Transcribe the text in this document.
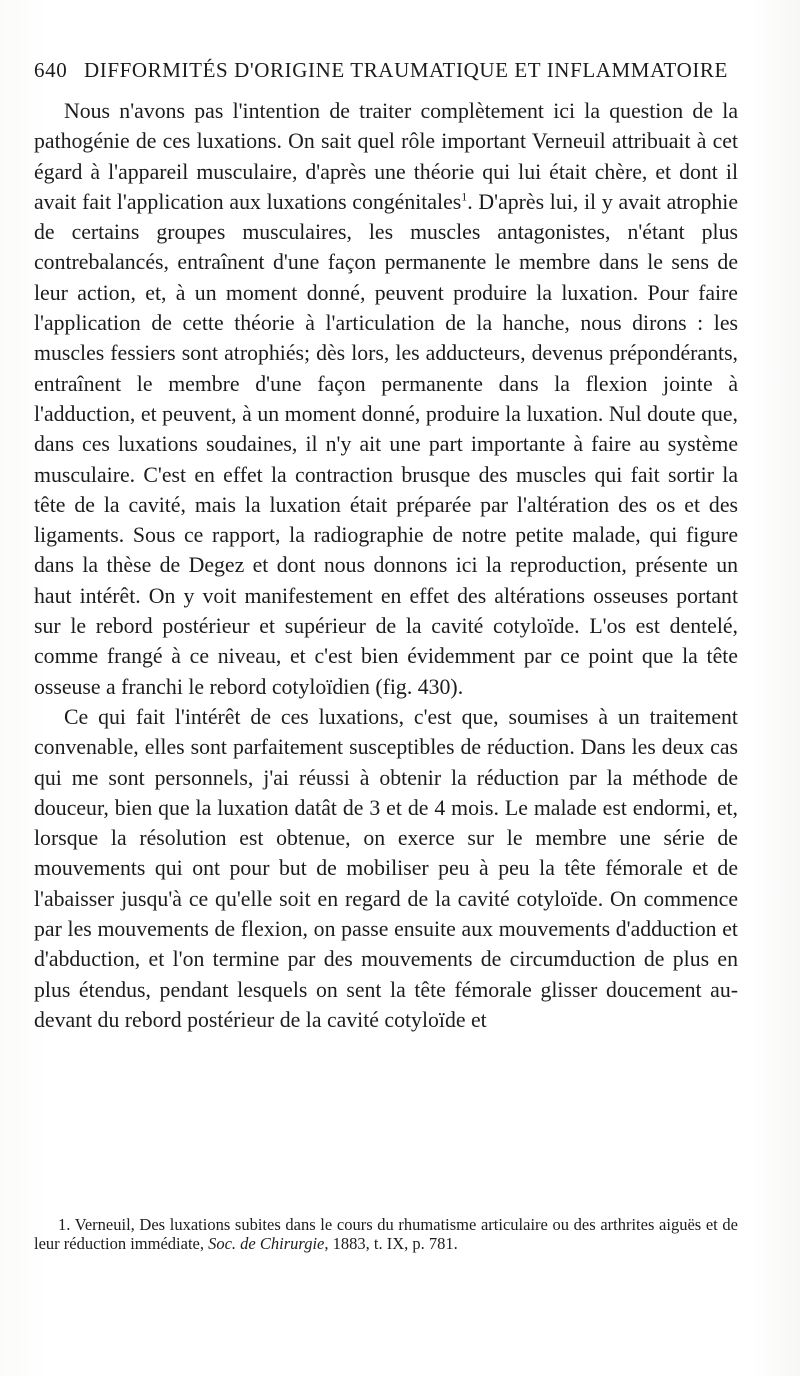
640 DIFFORMITÉS D'ORIGINE TRAUMATIQUE ET INFLAMMATOIRE

Nous n'avons pas l'intention de traiter complètement ici la question de la pathogénie de ces luxations. On sait quel rôle important Verneuil attribuait à cet égard à l'appareil musculaire, d'après une théorie qui lui était chère, et dont il avait fait l'application aux luxations congénitales$^1$. D'après lui, il y avait atrophie de certains groupes musculaires, les muscles antagonistes, n'étant plus contrebalancés, entraînent d'une façon permanente le membre dans le sens de leur action, et, à un moment donné, peuvent produire la luxation. Pour faire l'application de cette théorie à l'articulation de la hanche, nous dirons : les muscles fessiers sont atrophiés; dès lors, les adducteurs, devenus prépondérants, entraînent le membre d'une façon permanente dans la flexion jointe à l'adduction, et peuvent, à un moment donné, produire la luxation. Nul doute que, dans ces luxations soudaines, il n'y ait une part importante à faire au système musculaire. C'est en effet la contraction brusque des muscles qui fait sortir la tête de la cavité, mais la luxation était préparée par l'altération des os et des ligaments. Sous ce rapport, la radiographie de notre petite malade, qui figure dans la thèse de Degez et dont nous donnons ici la reproduction, présente un haut intérêt. On y voit manifestement en effet des altérations osseuses portant sur le rebord postérieur et supérieur de la cavité cotyloïde. L'os est dentelé, comme frangé à ce niveau, et c'est bien évidemment par ce point que la tête osseuse a franchi le rebord cotyloïdien (fig. 430).

Ce qui fait l'intérêt de ces luxations, c'est que, soumises à un traitement convenable, elles sont parfaitement susceptibles de réduction. Dans les deux cas qui me sont personnels, j'ai réussi à obtenir la réduction par la méthode de douceur, bien que la luxation datât de 3 et de 4 mois. Le malade est endormi, et, lorsque la résolution est obtenue, on exerce sur le membre une série de mouvements qui ont pour but de mobiliser peu à peu la tête fémorale et de l'abaisser jusqu'à ce qu'elle soit en regard de la cavité cotyloïde. On commence par les mouvements de flexion, on passe ensuite aux mouvements d'adduction et d'abduction, et l'on termine par des mouvements de circumduction de plus en plus étendus, pendant lesquels on sent la tête fémorale glisser doucement au-devant du rebord postérieur de la cavité cotyloïde et

1. Verneuil, Des luxations subites dans le cours du rhumatisme articulaire ou des arthrites aiguës et de leur réduction immédiate, Soc. de Chirurgie, 1883, t. IX, p. 781.
